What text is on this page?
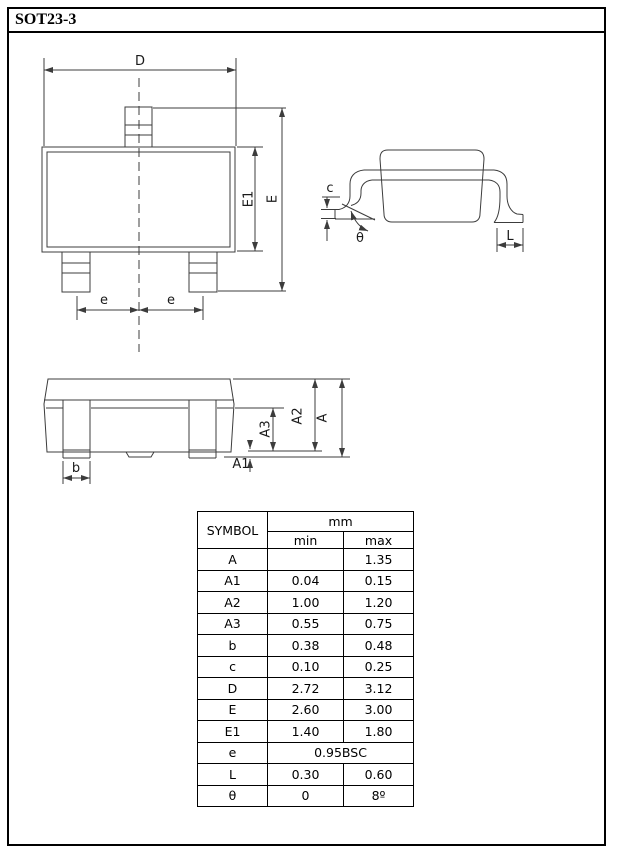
SOT23-3
D
E1 E
e	e
c
θ	L
b
A3
A2 A
A1
SYMBOL	mm	
	min	max
A		1.35
A1	0.04	0.15
A2	1.00	1.20
A3	0.55	0.75
b	0.38	0.48
c	0.10	0.25
D	2.72	3.12
E	2.60	3.00
E1	1.40	1.80
e	0.95BSC	
L	0.30	0.60
θ	0	8º
